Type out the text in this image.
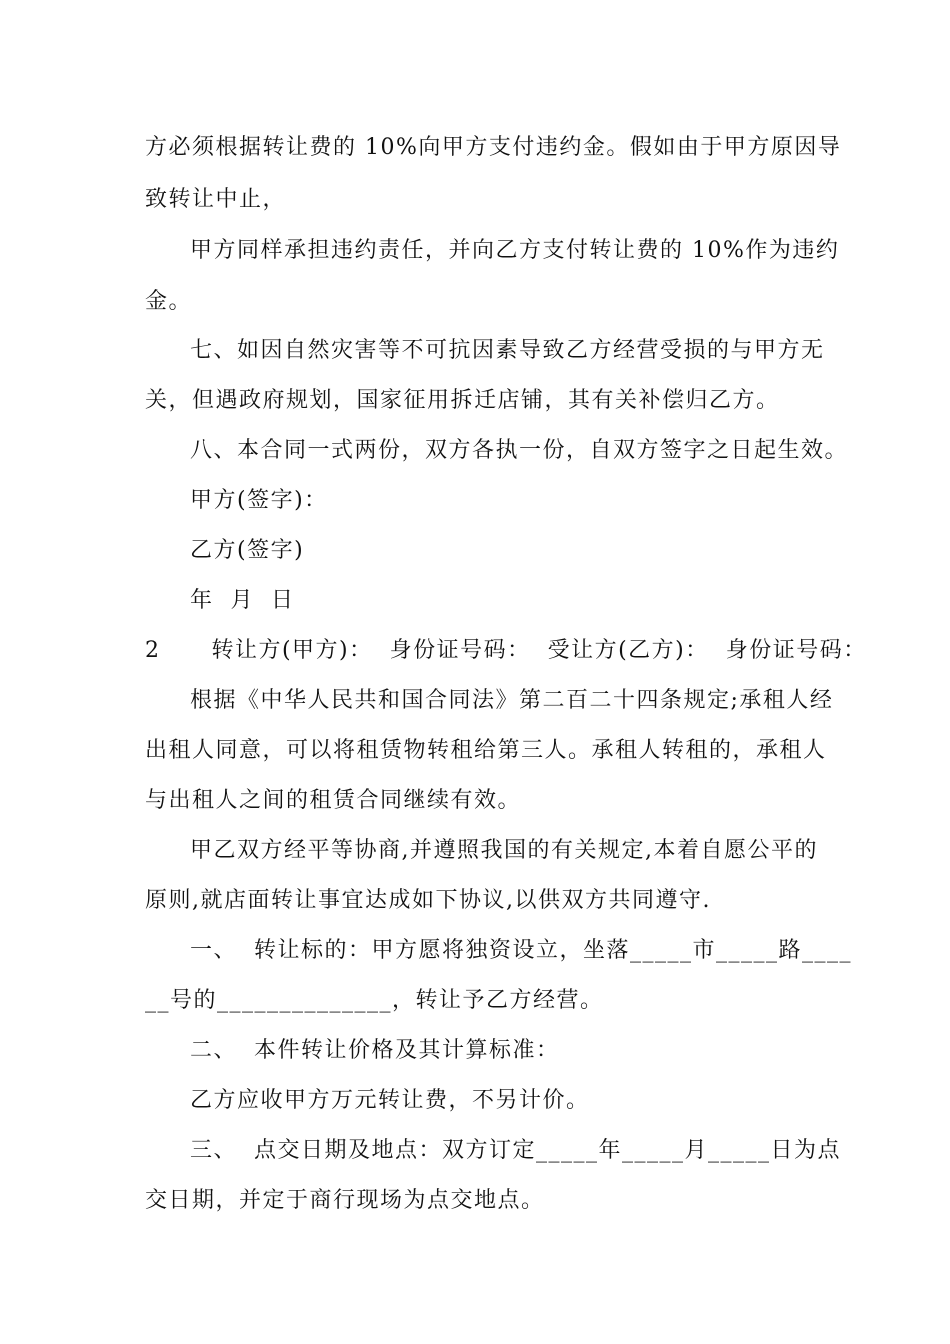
方必须根据转让费的 10%向甲方支付违约金。假如由于甲方原因导
致转让中止，
甲方同样承担违约责任，并向乙方支付转让费的 10%作为违约
金。
七、如因自然灾害等不可抗因素导致乙方经营受损的与甲方无
关，但遇政府规划，国家征用拆迁店铺，其有关补偿归乙方。
八、本合同一式两份，双方各执一份，自双方签字之日起生效。
甲方(签字)：
乙方(签字)
年  月  日
2      转让方(甲方)：  身份证号码：  受让方(乙方)：  身份证号码：
根据《中华人民共和国合同法》第二百二十四条规定;承租人经
出租人同意，可以将租赁物转租给第三人。承租人转租的，承租人
与出租人之间的租赁合同继续有效。
甲乙双方经平等协商,并遵照我国的有关规定,本着自愿公平的
原则,就店面转让事宜达成如下协议,以供双方共同遵守.
一、  转让标的：甲方愿将独资设立，坐落_____市_____路____
__号的______________，转让予乙方经营。
二、  本件转让价格及其计算标准：
乙方应收甲方万元转让费，不另计价。
三、  点交日期及地点：双方订定_____年_____月_____日为点
交日期，并定于商行现场为点交地点。
